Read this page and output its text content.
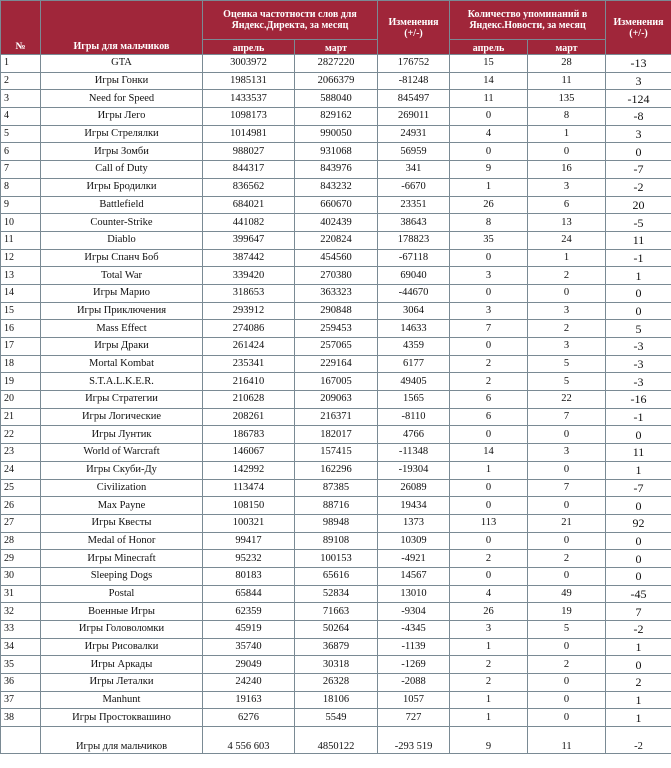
№	Игры для мальчиков	Оценка частотности слов для Яндекс.Директа, за месяц		Изменения (+/-)	Количество упоминаний в Яндекс.Новости, за месяц		Изменения (+/-)
		апрель	март		апрель	март	
1	GTA	3003972	2827220	176752	15	28	-13
2	Игры Гонки	1985131	2066379	-81248	14	11	3
3	Need for Speed	1433537	588040	845497	11	135	-124
4	Игры Лего	1098173	829162	269011	0	8	-8
5	Игры Стрелялки	1014981	990050	24931	4	1	3
6	Игры Зомби	988027	931068	56959	0	0	0
7	Call of Duty	844317	843976	341	9	16	-7
8	Игры Бродилки	836562	843232	-6670	1	3	-2
9	Battlefield	684021	660670	23351	26	6	20
10	Counter-Strike	441082	402439	38643	8	13	-5
11	Diablo	399647	220824	178823	35	24	11
12	Игры Спанч Боб	387442	454560	-67118	0	1	-1
13	Total War	339420	270380	69040	3	2	1
14	Игры Марио	318653	363323	-44670	0	0	0
15	Игры Приключения	293912	290848	3064	3	3	0
16	Mass Effect	274086	259453	14633	7	2	5
17	Игры Драки	261424	257065	4359	0	3	-3
18	Mortal Kombat	235341	229164	6177	2	5	-3
19	S.T.A.L.K.E.R.	216410	167005	49405	2	5	-3
20	Игры Стратегии	210628	209063	1565	6	22	-16
21	Игры Логические	208261	216371	-8110	6	7	-1
22	Игры Лунтик	186783	182017	4766	0	0	0
23	World of Warcraft	146067	157415	-11348	14	3	11
24	Игры Скуби-Ду	142992	162296	-19304	1	0	1
25	Civilization	113474	87385	26089	0	7	-7
26	Max Payne	108150	88716	19434	0	0	0
27	Игры Квесты	100321	98948	1373	113	21	92
28	Medal of Honor	99417	89108	10309	0	0	0
29	Игры Minecraft	95232	100153	-4921	2	2	0
30	Sleeping Dogs	80183	65616	14567	0	0	0
31	Postal	65844	52834	13010	4	49	-45
32	Военные Игры	62359	71663	-9304	26	19	7
33	Игры Головоломки	45919	50264	-4345	3	5	-2
34	Игры Рисовалки	35740	36879	-1139	1	0	1
35	Игры Аркады	29049	30318	-1269	2	2	0
36	Игры Леталки	24240	26328	-2088	2	0	2
37	Manhunt	19163	18106	1057	1	0	1
38	Игры Простоквашино	6276	5549	727	1	0	1
	Игры для мальчиков	4 556 603	4850122	-293 519	9	11	-2
